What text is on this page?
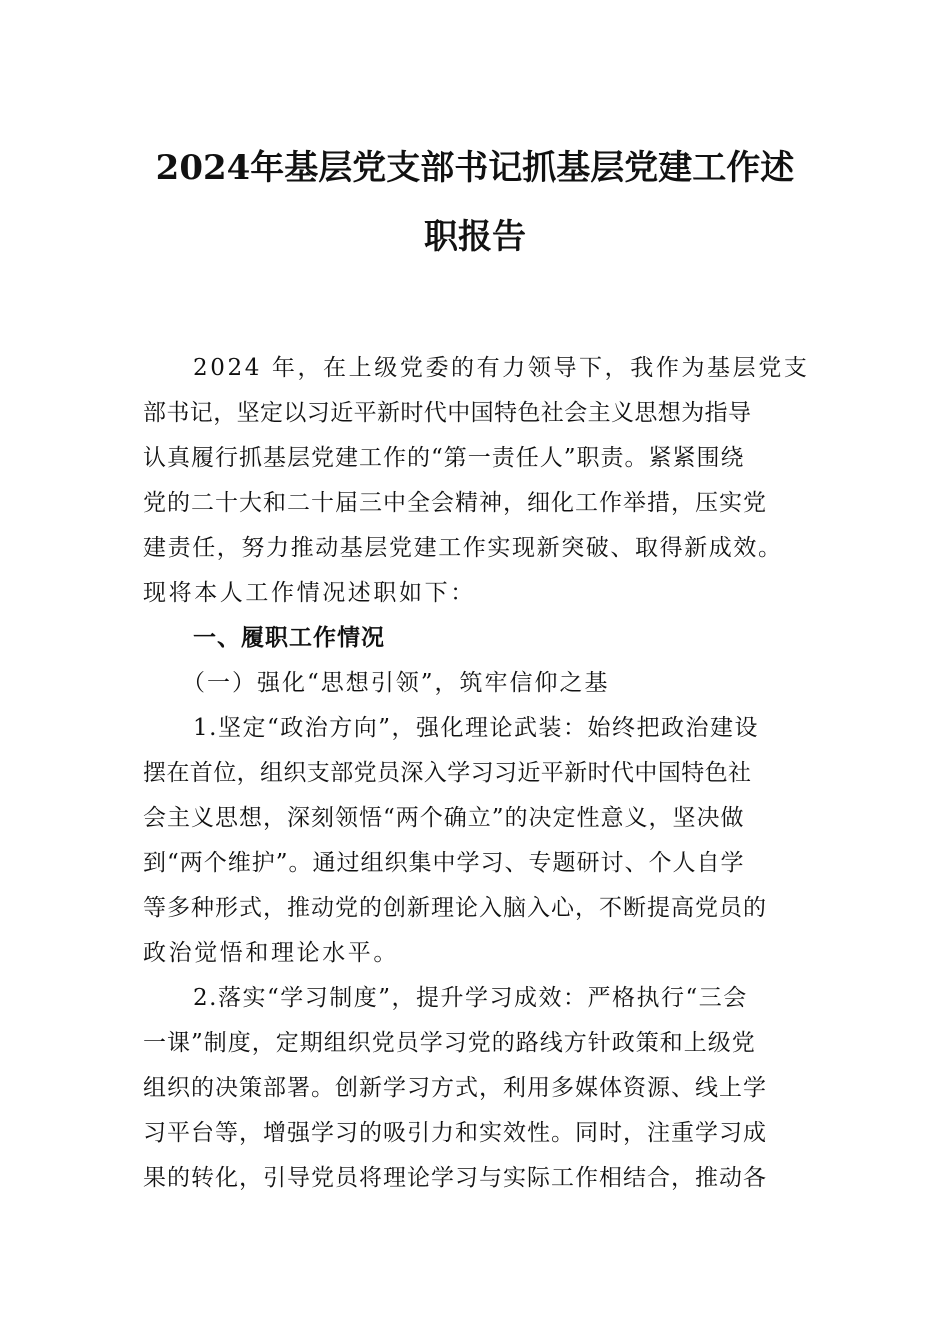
2024年基层党支部书记抓基层党建工作述
职报告

2024 年，在上级党委的有力领导下，我作为基层党支

部书记，坚定以习近平新时代中国特色社会主义思想为指导

认真履行抓基层党建工作的“第一责任人”职责。紧紧围绕

党的二十大和二十届三中全会精神，细化工作举措，压实党

建责任，努力推动基层党建工作实现新突破、取得新成效。

现将本人工作情况述职如下：

一、履职工作情况

（一）强化“思想引领”，筑牢信仰之基

1.坚定“政治方向”，强化理论武装：始终把政治建设

摆在首位，组织支部党员深入学习习近平新时代中国特色社

会主义思想，深刻领悟“两个确立”的决定性意义，坚决做

到“两个维护”。通过组织集中学习、专题研讨、个人自学

等多种形式，推动党的创新理论入脑入心，不断提高党员的

政治觉悟和理论水平。

2.落实“学习制度”，提升学习成效：严格执行“三会

一课”制度，定期组织党员学习党的路线方针政策和上级党

组织的决策部署。创新学习方式，利用多媒体资源、线上学

习平台等，增强学习的吸引力和实效性。同时，注重学习成

果的转化，引导党员将理论学习与实际工作相结合，推动各
